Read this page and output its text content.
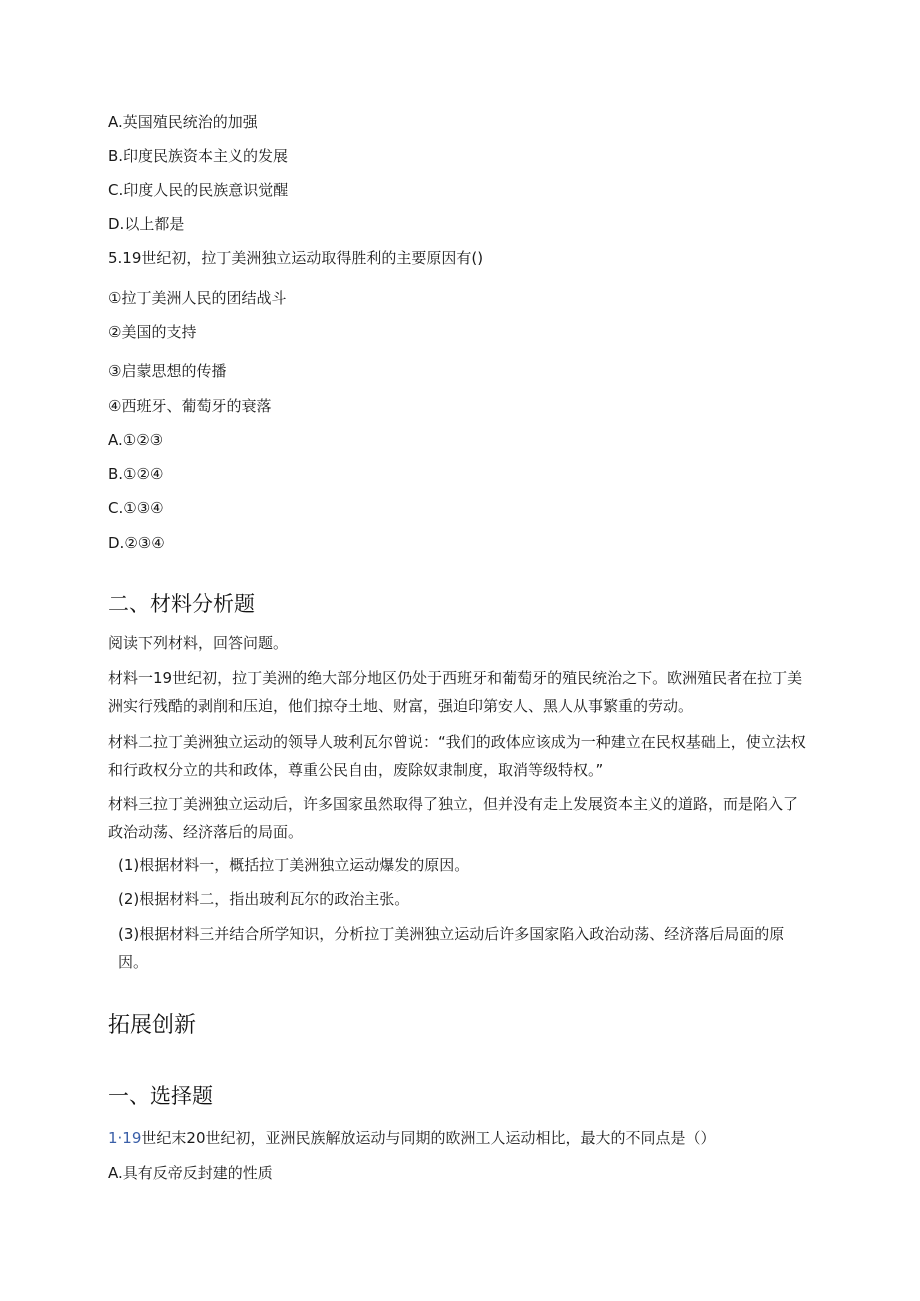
A.英国殖民统治的加强
B.印度民族资本主义的发展
C.印度人民的民族意识觉醒
D.以上都是
5.19世纪初，拉丁美洲独立运动取得胜利的主要原因有()
①拉丁美洲人民的团结战斗
②美国的支持
③启蒙思想的传播
④西班牙、葡萄牙的衰落
A.①②③
B.①②④
C.①③④
D.②③④
二、材料分析题
阅读下列材料，回答问题。
材料一19世纪初，拉丁美洲的绝大部分地区仍处于西班牙和葡萄牙的殖民统治之下。欧洲殖民者在拉丁美洲实行残酷的剥削和压迫，他们掠夺土地、财富，强迫印第安人、黑人从事繁重的劳动。
材料二拉丁美洲独立运动的领导人玻利瓦尔曾说：“我们的政体应该成为一种建立在民权基础上，使立法权和行政权分立的共和政体，尊重公民自由，废除奴隶制度，取消等级特权。”
材料三拉丁美洲独立运动后，许多国家虽然取得了独立，但并没有走上发展资本主义的道路，而是陷入了政治动荡、经济落后的局面。
(1)根据材料一，概括拉丁美洲独立运动爆发的原因。
(2)根据材料二，指出玻利瓦尔的政治主张。
(3)根据材料三并结合所学知识，分析拉丁美洲独立运动后许多国家陷入政治动荡、经济落后局面的原因。
拓展创新
一、选择题
1·19世纪末20世纪初，亚洲民族解放运动与同期的欧洲工人运动相比，最大的不同点是（）
A.具有反帝反封建的性质
